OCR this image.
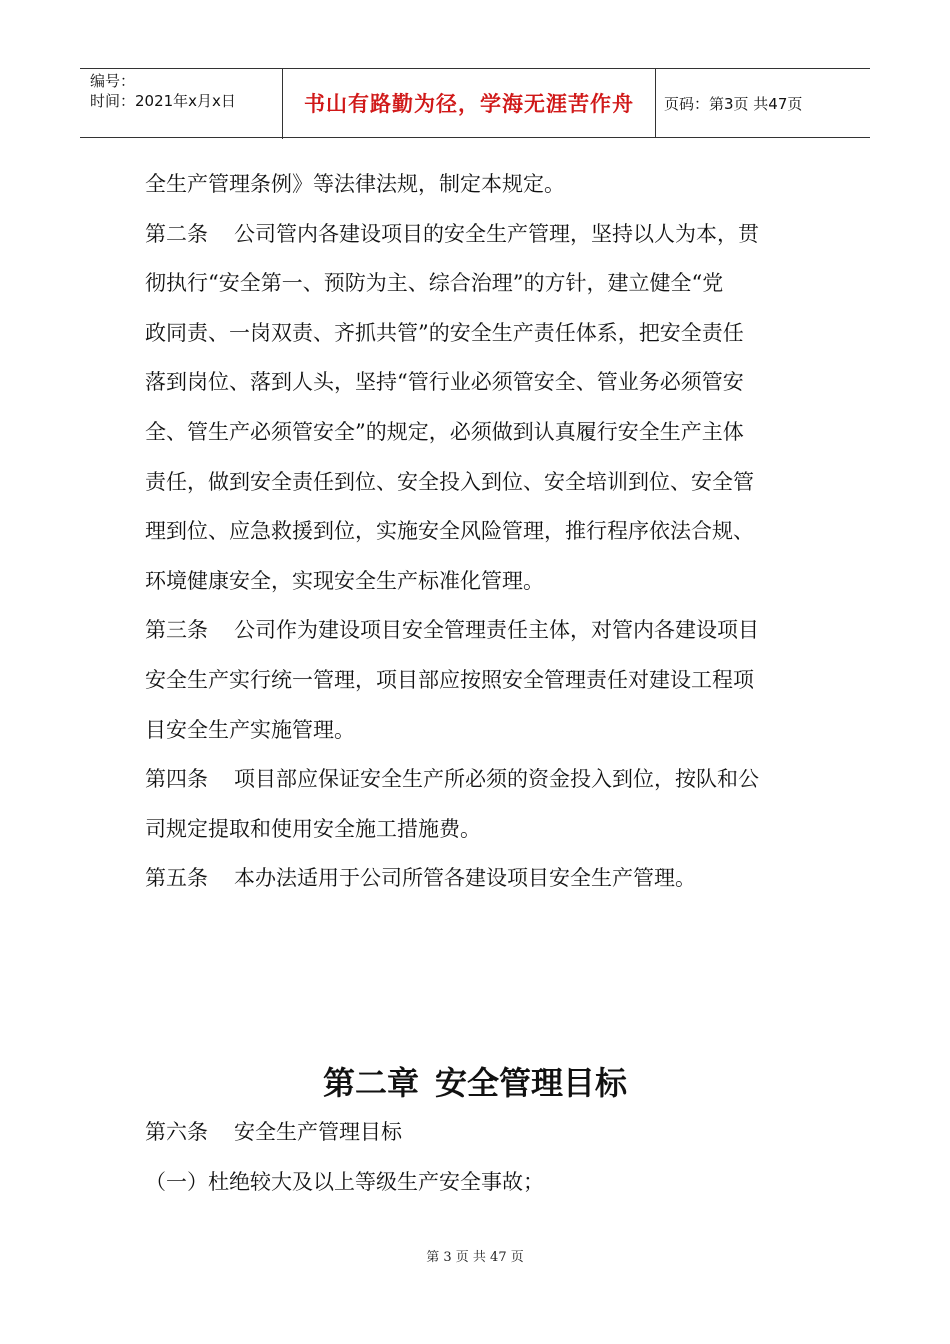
编号：
时间：2021年x月x日	书山有路勤为径，学海无涯苦作舟	页码：第3页 共47页

全生产管理条例》等法律法规，制定本规定。

第二条 公司管内各建设项目的安全生产管理，坚持以人为本，贯

彻执行“安全第一、预防为主、综合治理”的方针，建立健全“党

政同责、一岗双责、齐抓共管”的安全生产责任体系，把安全责任

落到岗位、落到人头，坚持“管行业必须管安全、管业务必须管安

全、管生产必须管安全”的规定，必须做到认真履行安全生产主体

责任，做到安全责任到位、安全投入到位、安全培训到位、安全管

理到位、应急救援到位，实施安全风险管理，推行程序依法合规、

环境健康安全，实现安全生产标准化管理。

第三条 公司作为建设项目安全管理责任主体，对管内各建设项目

安全生产实行统一管理，项目部应按照安全管理责任对建设工程项

目安全生产实施管理。

第四条 项目部应保证安全生产所必须的资金投入到位，按队和公

司规定提取和使用安全施工措施费。

第五条 本办法适用于公司所管各建设项目安全生产管理。

第二章 安全管理目标

第六条 安全生产管理目标

（一）杜绝较大及以上等级生产安全事故；

第 3 页 共 47 页
